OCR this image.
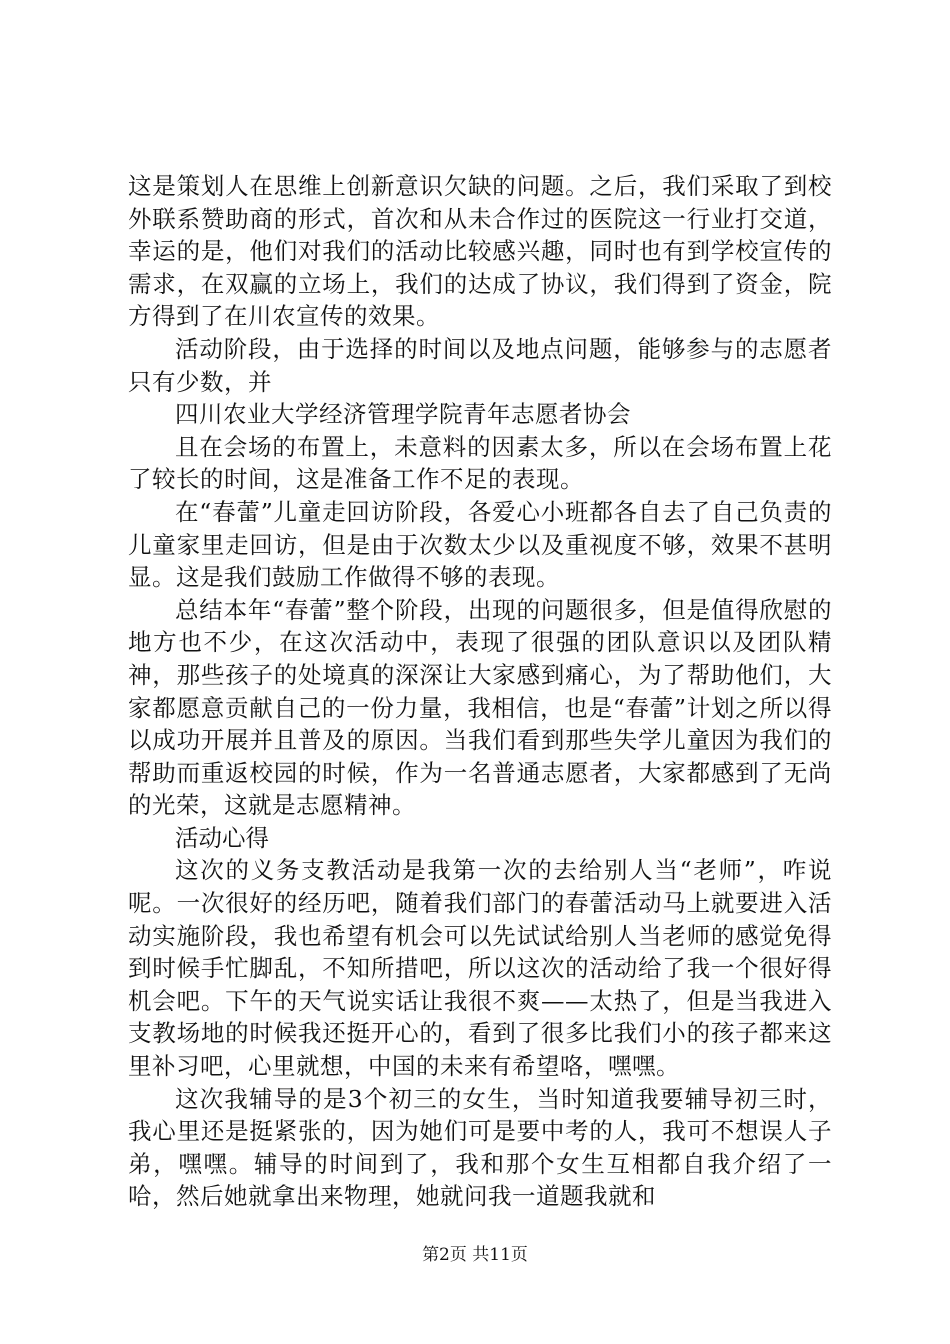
这是策划人在思维上创新意识欠缺的问题。之后，我们采取了到校外联系赞助商的形式，首次和从未合作过的医院这一行业打交道，幸运的是，他们对我们的活动比较感兴趣，同时也有到学校宣传的需求，在双赢的立场上，我们的达成了协议，我们得到了资金，院方得到了在川农宣传的效果。

活动阶段，由于选择的时间以及地点问题，能够参与的志愿者只有少数，并

四川农业大学经济管理学院青年志愿者协会

且在会场的布置上，未意料的因素太多，所以在会场布置上花了较长的时间，这是准备工作不足的表现。

在“春蕾”儿童走回访阶段，各爱心小班都各自去了自己负责的儿童家里走回访，但是由于次数太少以及重视度不够，效果不甚明显。这是我们鼓励工作做得不够的表现。

总结本年“春蕾”整个阶段，出现的问题很多，但是值得欣慰的地方也不少，在这次活动中，表现了很强的团队意识以及团队精神，那些孩子的处境真的深深让大家感到痛心，为了帮助他们，大家都愿意贡献自己的一份力量，我相信，也是“春蕾”计划之所以得以成功开展并且普及的原因。当我们看到那些失学儿童因为我们的帮助而重返校园的时候，作为一名普通志愿者，大家都感到了无尚的光荣，这就是志愿精神。

活动心得

这次的义务支教活动是我第一次的去给别人当“老师”，咋说呢。一次很好的经历吧，随着我们部门的春蕾活动马上就要进入活动实施阶段，我也希望有机会可以先试试给别人当老师的感觉免得到时候手忙脚乱，不知所措吧，所以这次的活动给了我一个很好得机会吧。下午的天气说实话让我很不爽——太热了，但是当我进入支教场地的时候我还挺开心的，看到了很多比我们小的孩子都来这里补习吧，心里就想，中国的未来有希望咯，嘿嘿。

这次我辅导的是3个初三的女生，当时知道我要辅导初三时，我心里还是挺紧张的，因为她们可是要中考的人，我可不想误人子弟，嘿嘿。辅导的时间到了，我和那个女生互相都自我介绍了一哈，然后她就拿出来物理，她就问我一道题我就和

第2页 共11页
